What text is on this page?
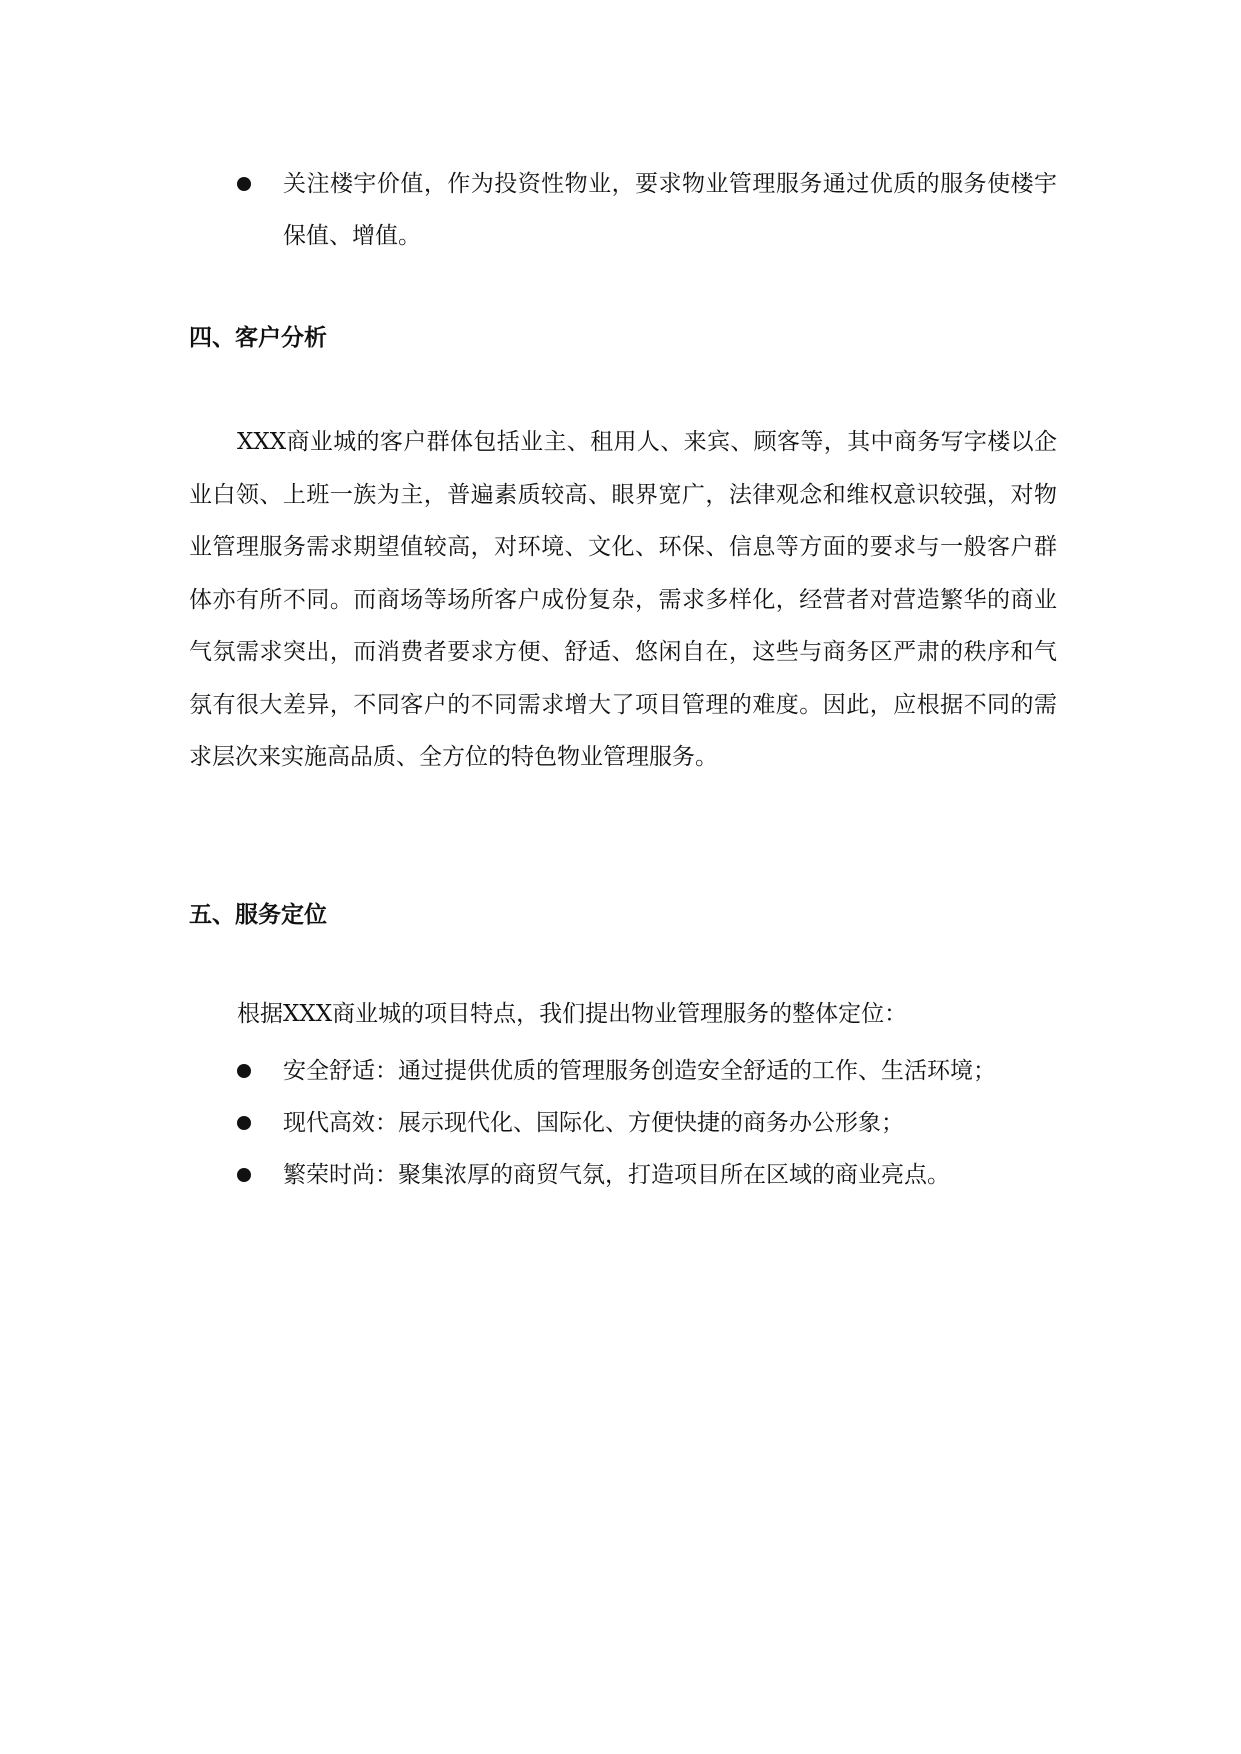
关注楼宇价值，作为投资性物业，要求物业管理服务通过优质的服务使楼宇保值、增值。
四、客户分析

XXX商业城的客户群体包括业主、租用人、来宾、顾客等，其中商务写字楼以企业白领、上班一族为主，普遍素质较高、眼界宽广，法律观念和维权意识较强，对物业管理服务需求期望值较高，对环境、文化、环保、信息等方面的要求与一般客户群体亦有所不同。而商场等场所客户成份复杂，需求多样化，经营者对营造繁华的商业气氛需求突出，而消费者要求方便、舒适、悠闲自在，这些与商务区严肃的秩序和气氛有很大差异，不同客户的不同需求增大了项目管理的难度。因此，应根据不同的需求层次来实施高品质、全方位的特色物业管理服务。

五、服务定位

根据XXX商业城的项目特点，我们提出物业管理服务的整体定位：

安全舒适：通过提供优质的管理服务创造安全舒适的工作、生活环境；
现代高效：展示现代化、国际化、方便快捷的商务办公形象；
繁荣时尚：聚集浓厚的商贸气氛，打造项目所在区域的商业亮点。
